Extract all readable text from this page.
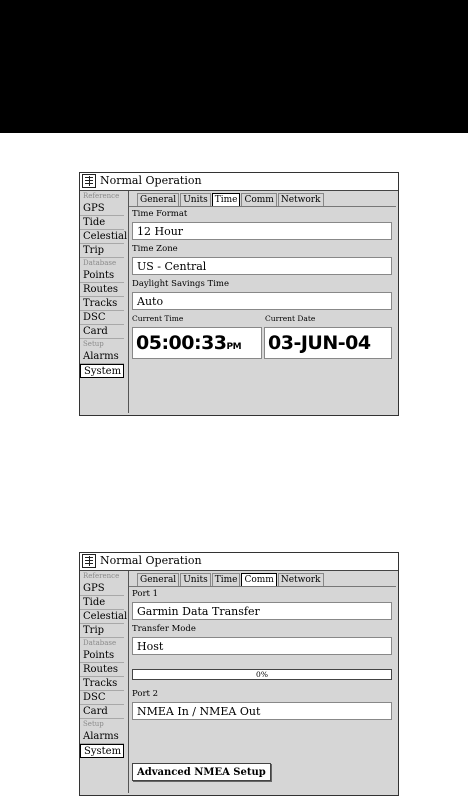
Normal Operation
Reference
GPS
Tide
Celestial
Trip
Database
Points
Routes
Tracks
DSC
Card
Setup
Alarms
System
General Units Time Comm Network
Time Format
12 Hour
Time Zone
US - Central
Daylight Savings Time
Auto
Current Time	Current Date
05:00:33PM	03-JUN-04
Normal Operation
Reference
GPS
Tide
Celestial
Trip
Database
Points
Routes
Tracks
DSC
Card
Setup
Alarms
System
General Units Time Comm Network
Port 1
Garmin Data Transfer
Transfer Mode
Host
0%
Port 2
NMEA In / NMEA Out
Advanced NMEA Setup
